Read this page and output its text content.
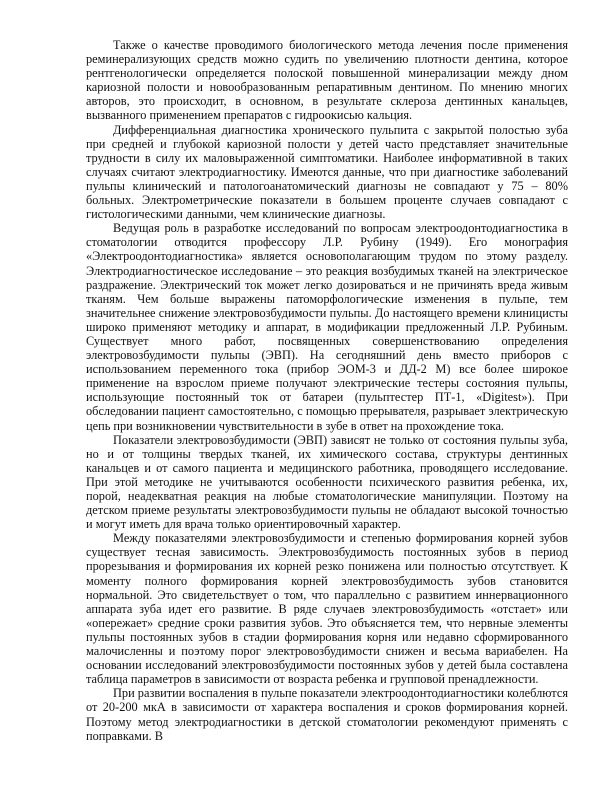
Также о качестве проводимого биологического метода лечения после применения реминерализующих средств можно судить по увеличению плотности дентина, которое рентгенологически определяется полоской повышенной минерализации между дном кариозной полости и новообразованным репаративным дентином. По мнению многих авторов, это происходит, в основном, в результате склероза дентинных канальцев, вызванного применением препаратов с гидроокисью кальция.

Дифференциальная диагностика хронического пульпита с закрытой полостью зуба при средней и глубокой кариозной полости у детей часто представляет значительные трудности в силу их маловыраженной симптоматики. Наиболее информативной в таких случаях считают электродиагностику. Имеются данные, что при диагностике заболеваний пульпы клинический и патологоанатомический диагнозы не совпадают у 75 – 80% больных. Электрометрические показатели в большем проценте случаев совпадают с гистологическими данными, чем клинические диагнозы.

Ведущая роль в разработке исследований по вопросам электроодонтодиагностика в стоматологии отводится профессору Л.Р. Рубину (1949). Его монография «Электроодонтодиагностика» является основополагающим трудом по этому разделу. Электродиагностическое исследование – это реакция возбудимых тканей на электрическое раздражение. Электрический ток может легко дозироваться и не причинять вреда живым тканям. Чем больше выражены патоморфологические изменения в пульпе, тем значительнее снижение электровозбудимости пульпы. До настоящего времени клиницисты широко применяют методику и аппарат, в модификации предложенный Л.Р. Рубиным. Существует много работ, посвященных совершенствованию определения электровозбудимости пульпы (ЭВП). На сегодняшний день вместо приборов с использованием переменного тока (прибор ЭОМ-3 и ДД-2 М) все более широкое применение на взрослом приеме получают электрические тестеры состояния пульпы, использующие постоянный ток от батареи (пульптестер ПТ-1, «Digitest»). При обследовании пациент самостоятельно, с помощью прерывателя, разрывает электрическую цепь при возникновении чувствительности в зубе в ответ на прохождение тока.

Показатели электровозбудимости (ЭВП) зависят не только от состояния пульпы зуба, но и от толщины твердых тканей, их химического состава, структуры дентинных канальцев и от самого пациента и медицинского работника, проводящего исследование. При этой методике не учитываются особенности психического развития ребенка, их, порой, неадекватная реакция на любые стоматологические манипуляции. Поэтому на детском приеме результаты электровозбудимости пульпы не обладают высокой точностью и могут иметь для врача только ориентировочный характер.

Между показателями электровозбудимости и степенью формирования корней зубов существует тесная зависимость. Электровозбудимость постоянных зубов в период прорезывания и формирования их корней резко понижена или полностью отсутствует. К моменту полного формирования корней электровозбудимость зубов становится нормальной. Это свидетельствует о том, что параллельно с развитием иннервационного аппарата зуба идет его развитие. В ряде случаев электровозбудимость «отстает» или «опережает» средние сроки развития зубов. Это объясняется тем, что нервные элементы пульпы постоянных зубов в стадии формирования корня или недавно сформированного малочисленны и поэтому порог электровозбудимости снижен и весьма вариабелен. На основании исследований электровозбудимости постоянных зубов у детей была составлена таблица параметров в зависимости от возраста ребенка и групповой пренадлежности.

При развитии воспаления в пульпе показатели электроодонтодиагностики колеблются от 20-200 мкА в зависимости от характера воспаления и сроков формирования корней. Поэтому метод электродиагностики в детской стоматологии рекомендуют применять с поправками. В
